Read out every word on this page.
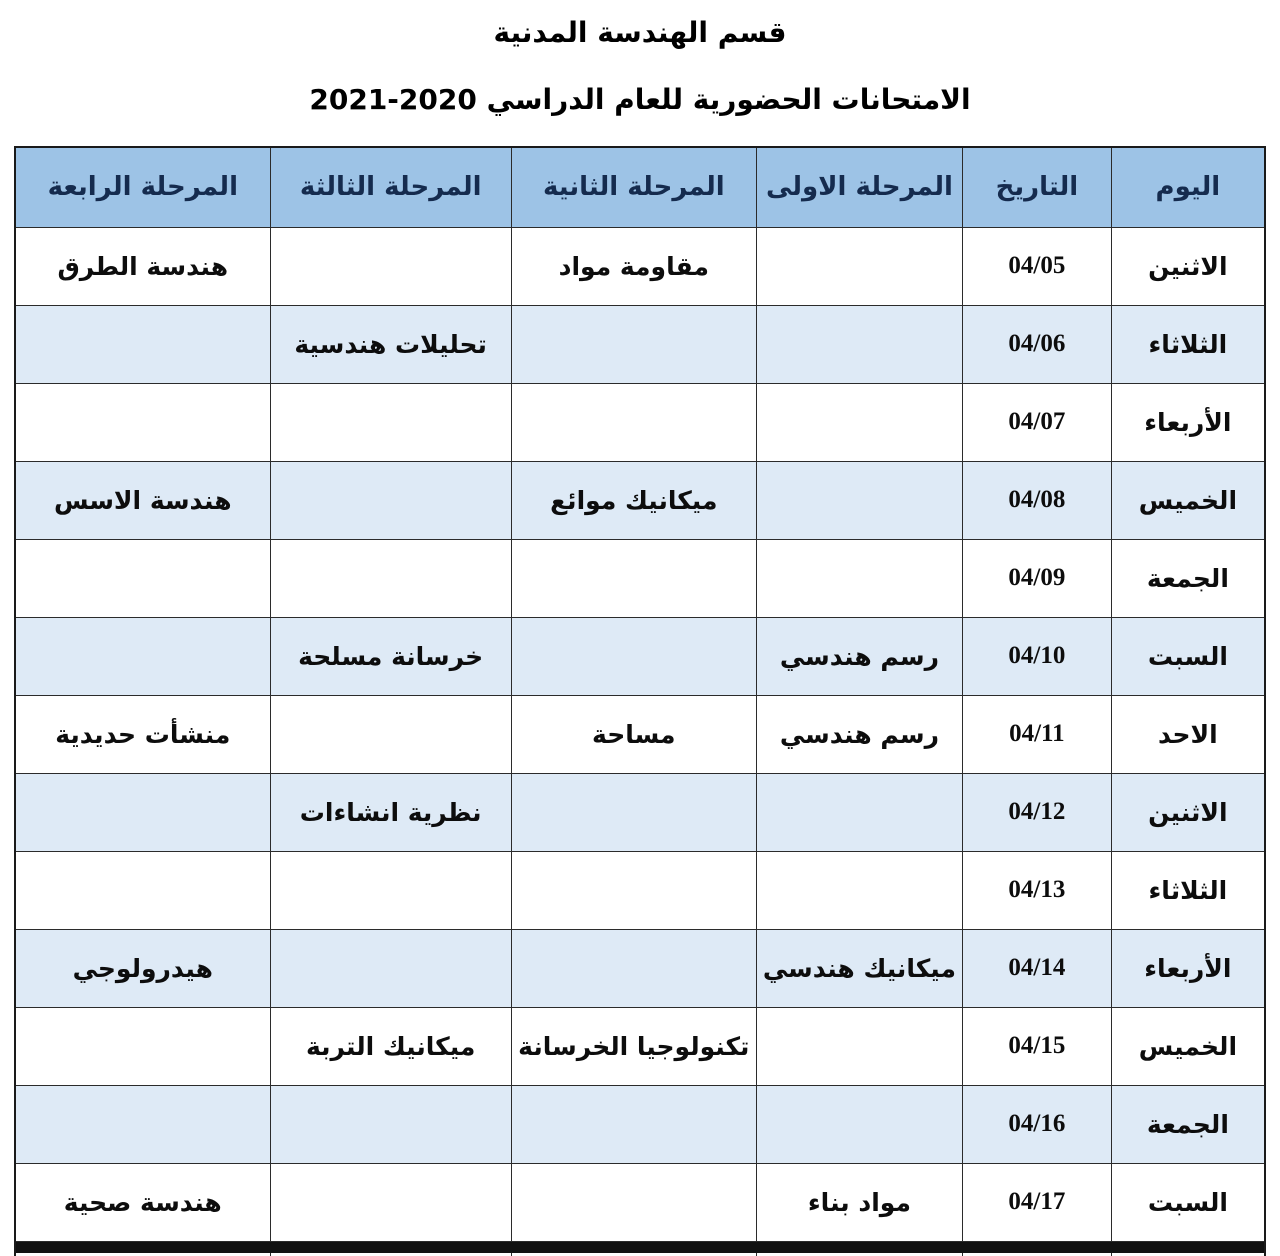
قسم الهندسة المدنية
الامتحانات الحضورية للعام الدراسي 2021-2020
اليوم	التاريخ	المرحلة الاولى	المرحلة الثانية	المرحلة الثالثة	المرحلة الرابعة
الاثنين	04/05		مقاومة مواد		هندسة الطرق
الثلاثاء	04/06			تحليلات هندسية	
الأربعاء	04/07				
الخميس	04/08		ميكانيك موائع		هندسة الاسس
الجمعة	04/09				
السبت	04/10	رسم هندسي		خرسانة مسلحة	
الاحد	04/11	رسم هندسي	مساحة		منشأت حديدية
الاثنين	04/12			نظرية انشاءات	
الثلاثاء	04/13				
الأربعاء	04/14	ميكانيك هندسي			هيدرولوجي
الخميس	04/15		تكنولوجيا الخرسانة	ميكانيك التربة	
الجمعة	04/16				
السبت	04/17	مواد بناء			هندسة صحية
